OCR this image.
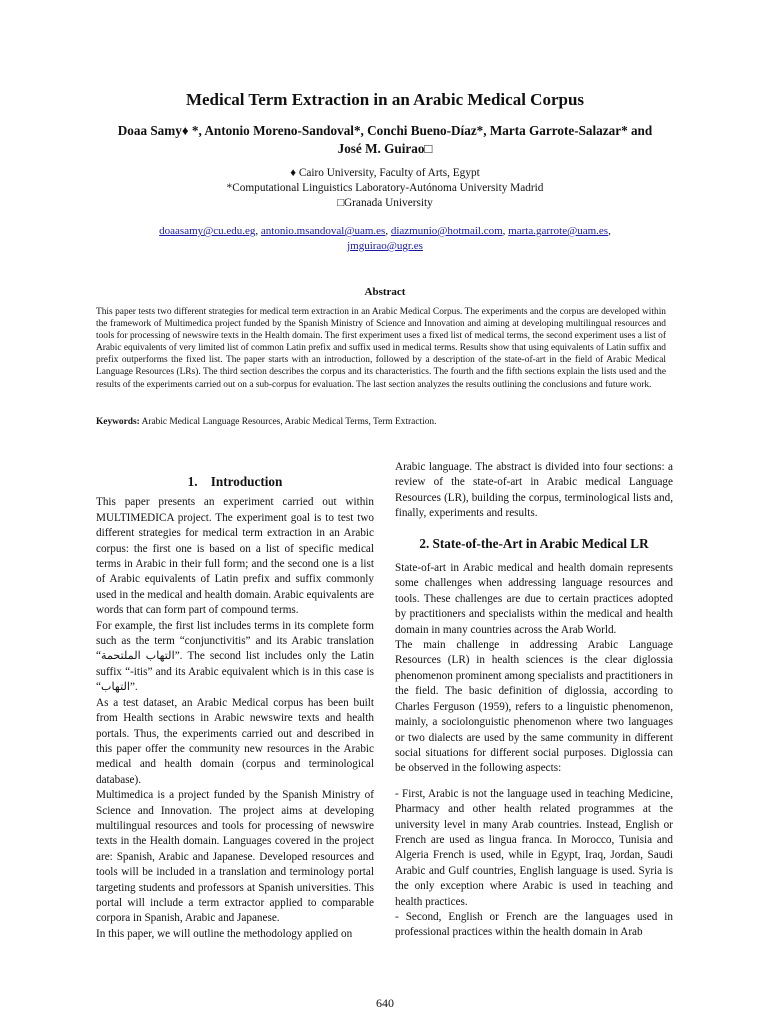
Medical Term Extraction in an Arabic Medical Corpus
Doaa Samy♦ *, Antonio Moreno-Sandoval*, Conchi Bueno-Díaz*, Marta Garrote-Salazar* and
José M. Guirao□
♦ Cairo University, Faculty of Arts, Egypt
*Computational Linguistics Laboratory-Autónoma University Madrid
□Granada University
doaasamy@cu.edu.eg, antonio.msandoval@uam.es, diazmunio@hotmail.com, marta.garrote@uam.es,
jmguirao@ugr.es
Abstract

This paper tests two different strategies for medical term extraction in an Arabic Medical Corpus. The experiments and the corpus are developed within the framework of Multimedica project funded by the Spanish Ministry of Science and Innovation and aiming at developing multilingual resources and tools for processing of newswire texts in the Health domain. The first experiment uses a fixed list of medical terms, the second experiment uses a list of Arabic equivalents of very limited list of common Latin prefix and suffix used in medical terms. Results show that using equivalents of Latin suffix and prefix outperforms the fixed list. The paper starts with an introduction, followed by a description of the state-of-art in the field of Arabic Medical Language Resources (LRs). The third section describes the corpus and its characteristics. The fourth and the fifth sections explain the lists used and the results of the experiments carried out on a sub-corpus for evaluation. The last section analyzes the results outlining the conclusions and future work.

Keywords: Arabic Medical Language Resources, Arabic Medical Terms, Term Extraction.

1.    Introduction

This paper presents an experiment carried out within MULTIMEDICA project. The experiment goal is to test two different strategies for medical term extraction in an Arabic corpus: the first one is based on a list of specific medical terms in Arabic in their full form; and the second one is a list of Arabic equivalents of Latin prefix and suffix commonly used in the medical and health domain. Arabic equivalents are words that can form part of compound terms.

For example, the first list includes terms in its complete form such as the term “conjunctivitis” and its Arabic translation “التهاب الملتحمة”. The second list includes only the Latin suffix “-itis” and its Arabic equivalent which is in this case is “التهاب”.

As a test dataset, an Arabic Medical corpus has been built from Health sections in Arabic newswire texts and health portals. Thus, the experiments carried out and described in this paper offer the community new resources in the Arabic medical and health domain (corpus and terminological database).

Multimedica is a project funded by the Spanish Ministry of Science and Innovation. The project aims at developing multilingual resources and tools for processing of newswire texts in the Health domain. Languages covered in the project are: Spanish, Arabic and Japanese. Developed resources and tools will be included in a translation and terminology portal targeting students and professors at Spanish universities. This portal will include a term extractor applied to comparable corpora in Spanish, Arabic and Japanese.

In this paper, we will outline the methodology applied on

Arabic language. The abstract is divided into four sections: a review of the state-of-art in Arabic medical Language Resources (LR), building the corpus, terminological lists and, finally, experiments and results.

2. State-of-the-Art in Arabic Medical LR

State-of-art in Arabic medical and health domain represents some challenges when addressing language resources and tools. These challenges are due to certain practices adopted by practitioners and specialists within the medical and health domain in many countries across the Arab World.

The main challenge in addressing Arabic Language Resources (LR) in health sciences is the clear diglossia phenomenon prominent among specialists and practitioners in the field. The basic definition of diglossia, according to Charles Ferguson (1959), refers to a linguistic phenomenon, mainly, a sociolonguistic phenomenon where two languages or two dialects are used by the same community in different social situations for different social purposes. Diglossia can be observed in the following aspects:

- First, Arabic is not the language used in teaching Medicine, Pharmacy and other health related programmes at the university level in many Arab countries. Instead, English or French are used as lingua franca. In Morocco, Tunisia and Algeria French is used, while in Egypt, Iraq, Jordan, Saudi Arabic and Gulf countries, English language is used. Syria is the only exception where Arabic is used in teaching and health practices.

- Second, English or French are the languages used in professional practices within the health domain in Arab

640
